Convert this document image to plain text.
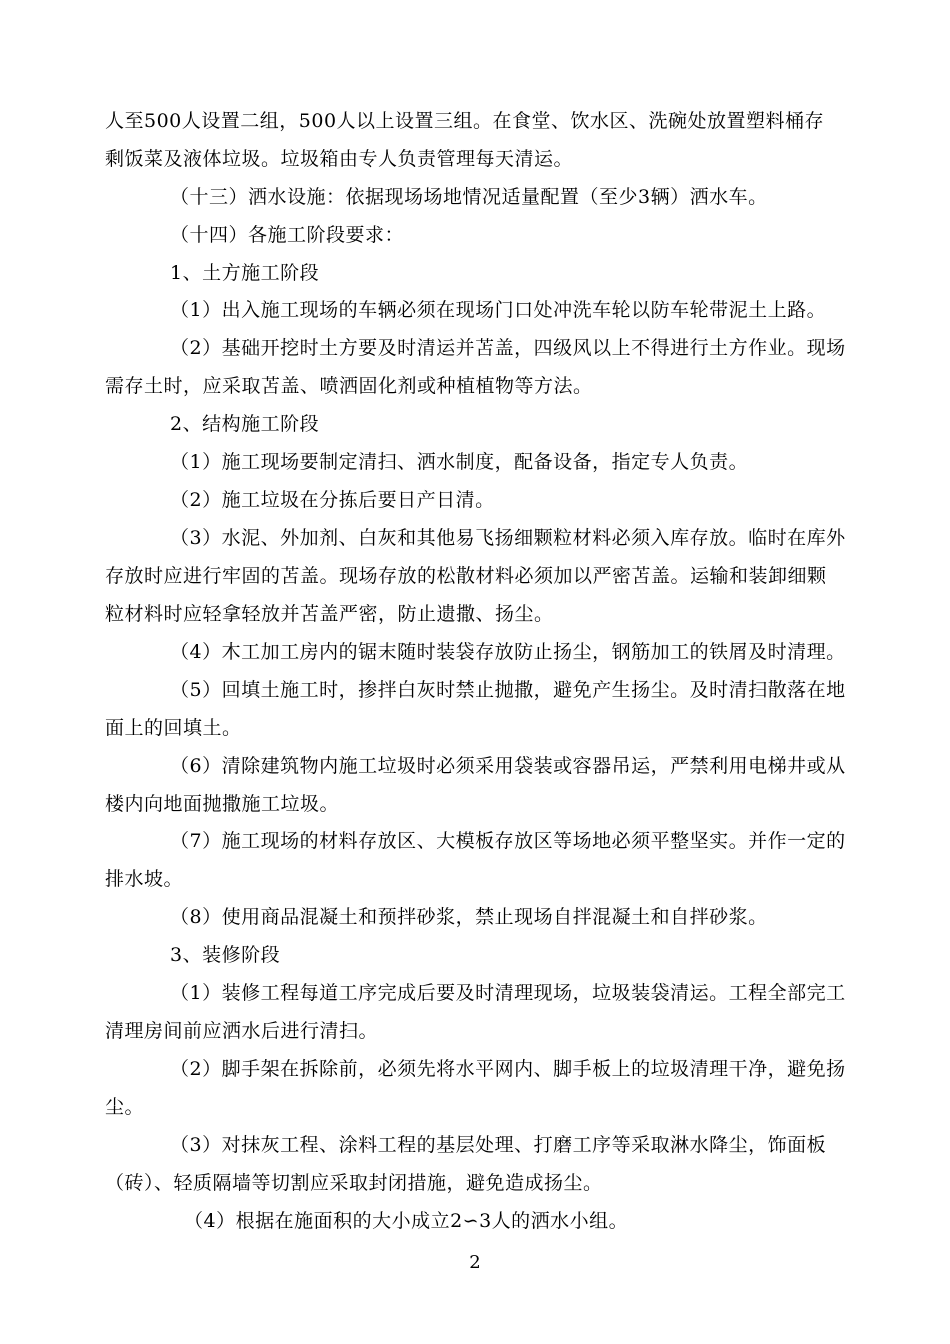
人至500人设置二组，500人以上设置三组。在食堂、饮水区、洗碗处放置塑料桶存
剩饭菜及液体垃圾。垃圾箱由专人负责管理每天清运。
（十三）洒水设施：依据现场场地情况适量配置（至少3辆）洒水车。
（十四）各施工阶段要求：
1、土方施工阶段
（1）出入施工现场的车辆必须在现场门口处冲洗车轮以防车轮带泥土上路。
（2）基础开挖时土方要及时清运并苫盖，四级风以上不得进行土方作业。现场
需存土时，应采取苫盖、喷洒固化剂或种植植物等方法。
2、结构施工阶段
（1）施工现场要制定清扫、洒水制度，配备设备，指定专人负责。
（2）施工垃圾在分拣后要日产日清。
（3）水泥、外加剂、白灰和其他易飞扬细颗粒材料必须入库存放。临时在库外
存放时应进行牢固的苫盖。现场存放的松散材料必须加以严密苫盖。运输和装卸细颗
粒材料时应轻拿轻放并苫盖严密，防止遗撒、扬尘。
（4）木工加工房内的锯末随时装袋存放防止扬尘，钢筋加工的铁屑及时清理。
（5）回填土施工时，掺拌白灰时禁止抛撒，避免产生扬尘。及时清扫散落在地
面上的回填土。
（6）清除建筑物内施工垃圾时必须采用袋装或容器吊运，严禁利用电梯井或从
楼内向地面抛撒施工垃圾。
（7）施工现场的材料存放区、大模板存放区等场地必须平整坚实。并作一定的
排水坡。
（8）使用商品混凝土和预拌砂浆，禁止现场自拌混凝土和自拌砂浆。
3、装修阶段
（1）装修工程每道工序完成后要及时清理现场，垃圾装袋清运。工程全部完工
清理房间前应洒水后进行清扫。
（2）脚手架在拆除前，必须先将水平网内、脚手板上的垃圾清理干净，避免扬
尘。
（3）对抹灰工程、涂料工程的基层处理、打磨工序等采取淋水降尘，饰面板
（砖）、轻质隔墙等切割应采取封闭措施，避免造成扬尘。
（4）根据在施面积的大小成立2∽3人的洒水小组。
2
